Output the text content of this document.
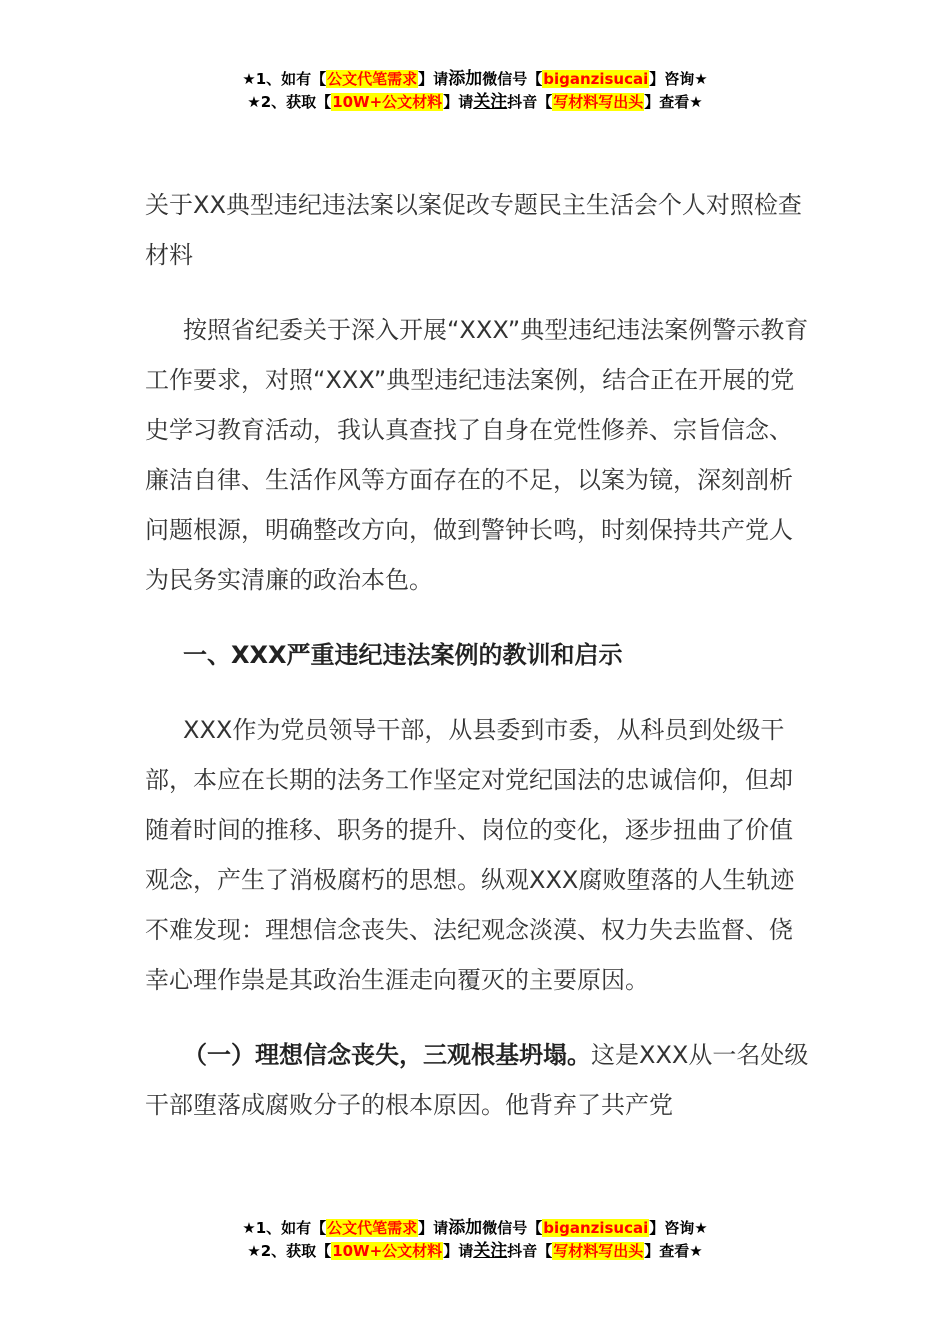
★1、如有【公文代笔需求】请添加微信号【biganzisucai】咨询★
★2、获取【10W+公文材料】请关注抖音【写材料写出头】查看★

关于XX典型违纪违法案以案促改专题民主生活会个人对照检查材料

按照省纪委关于深入开展“XXX”典型违纪违法案例警示教育工作要求，对照“XXX”典型违纪违法案例，结合正在开展的党史学习教育活动，我认真查找了自身在党性修养、宗旨信念、廉洁自律、生活作风等方面存在的不足，以案为镜，深刻剖析问题根源，明确整改方向，做到警钟长鸣，时刻保持共产党人为民务实清廉的政治本色。

一、XXX严重违纪违法案例的教训和启示

XXX作为党员领导干部，从县委到市委，从科员到处级干部，本应在长期的法务工作坚定对党纪国法的忠诚信仰，但却随着时间的推移、职务的提升、岗位的变化，逐步扭曲了价值观念，产生了消极腐朽的思想。纵观XXX腐败堕落的人生轨迹不难发现：理想信念丧失、法纪观念淡漠、权力失去监督、侥幸心理作祟是其政治生涯走向覆灭的主要原因。

（一）理想信念丧失，三观根基坍塌。这是XXX从一名处级干部堕落成腐败分子的根本原因。他背弃了共产党

★1、如有【公文代笔需求】请添加微信号【biganzisucai】咨询★
★2、获取【10W+公文材料】请关注抖音【写材料写出头】查看★
